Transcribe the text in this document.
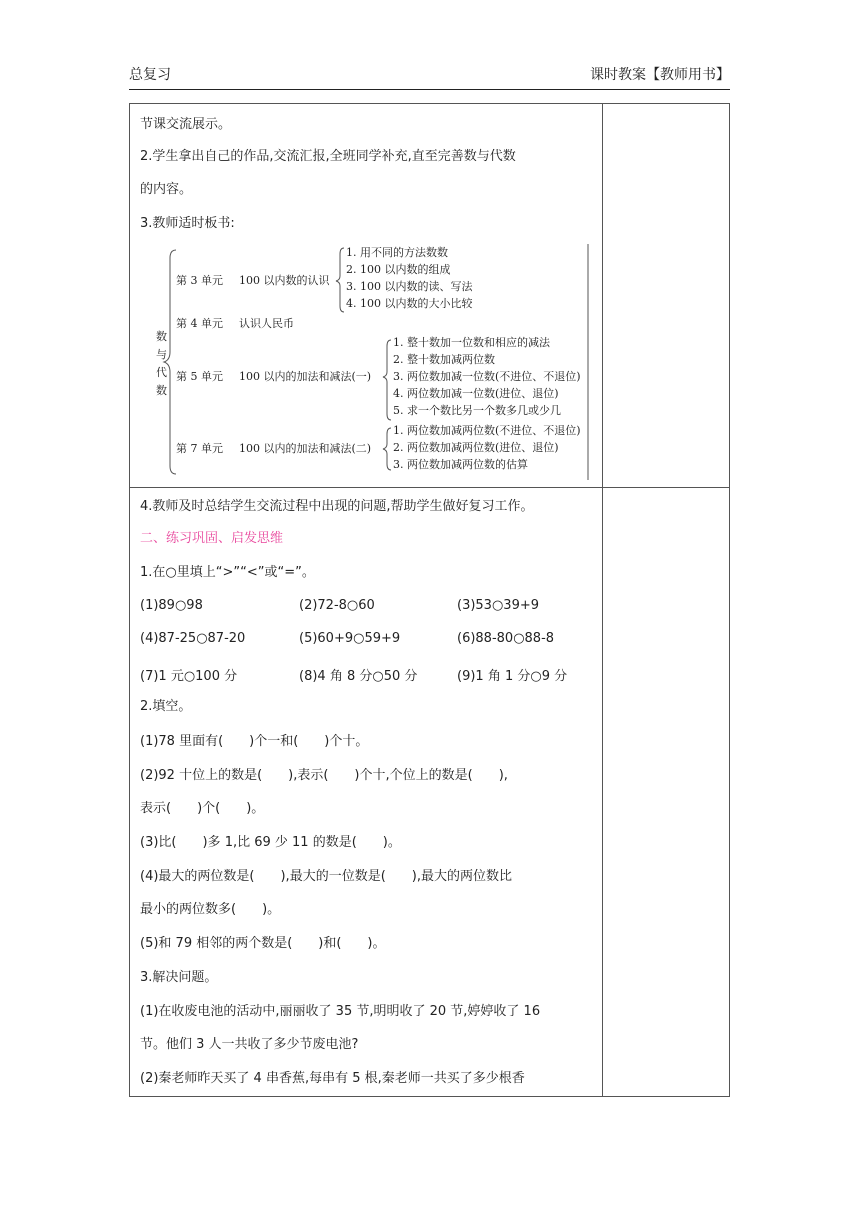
总复习	课时教案【教师用书】
节课交流展示。
2.学生拿出自己的作品,交流汇报,全班同学补充,直至完善数与代数
的内容。
3.教师适时板书:
数
与
代
数
第 3 单元 100 以内数的认识
1. 用不同的方法数数
2. 100 以内数的组成
3. 100 以内数的读、写法
4. 100 以内数的大小比较
第 4 单元 认识人民币
第 5 单元 100 以内的加法和减法(一)
1. 整十数加一位数和相应的减法
2. 整十数加减两位数
3. 两位数加减一位数(不进位、不退位)
4. 两位数加减一位数(进位、退位)
5. 求一个数比另一个数多几或少几
第 7 单元 100 以内的加法和减法(二)
1. 两位数加减两位数(不进位、不退位)
2. 两位数加减两位数(进位、退位)
3. 两位数加减两位数的估算
4.教师及时总结学生交流过程中出现的问题,帮助学生做好复习工作。
二、练习巩固、启发思维
1.在○里填上“>”“<”或“=”。
(1)89○98	(2)72-8○60	(3)53○39+9
(4)87-25○87-20	(5)60+9○59+9	(6)88-80○88-8
(7)1 元○100 分	(8)4 角 8 分○50 分	(9)1 角 1 分○9 分
2.填空。
(1)78 里面有(　　)个一和(　　)个十。
(2)92 十位上的数是(　　),表示(　　)个十,个位上的数是(　　),
表示(　　)个(　　)。
(3)比(　　)多 1,比 69 少 11 的数是(　　)。
(4)最大的两位数是(　　),最大的一位数是(　　),最大的两位数比
最小的两位数多(　　)。
(5)和 79 相邻的两个数是(　　)和(　　)。
3.解决问题。
(1)在收废电池的活动中,丽丽收了 35 节,明明收了 20 节,婷婷收了 16
节。他们 3 人一共收了多少节废电池?
(2)秦老师昨天买了 4 串香蕉,每串有 5 根,秦老师一共买了多少根香
